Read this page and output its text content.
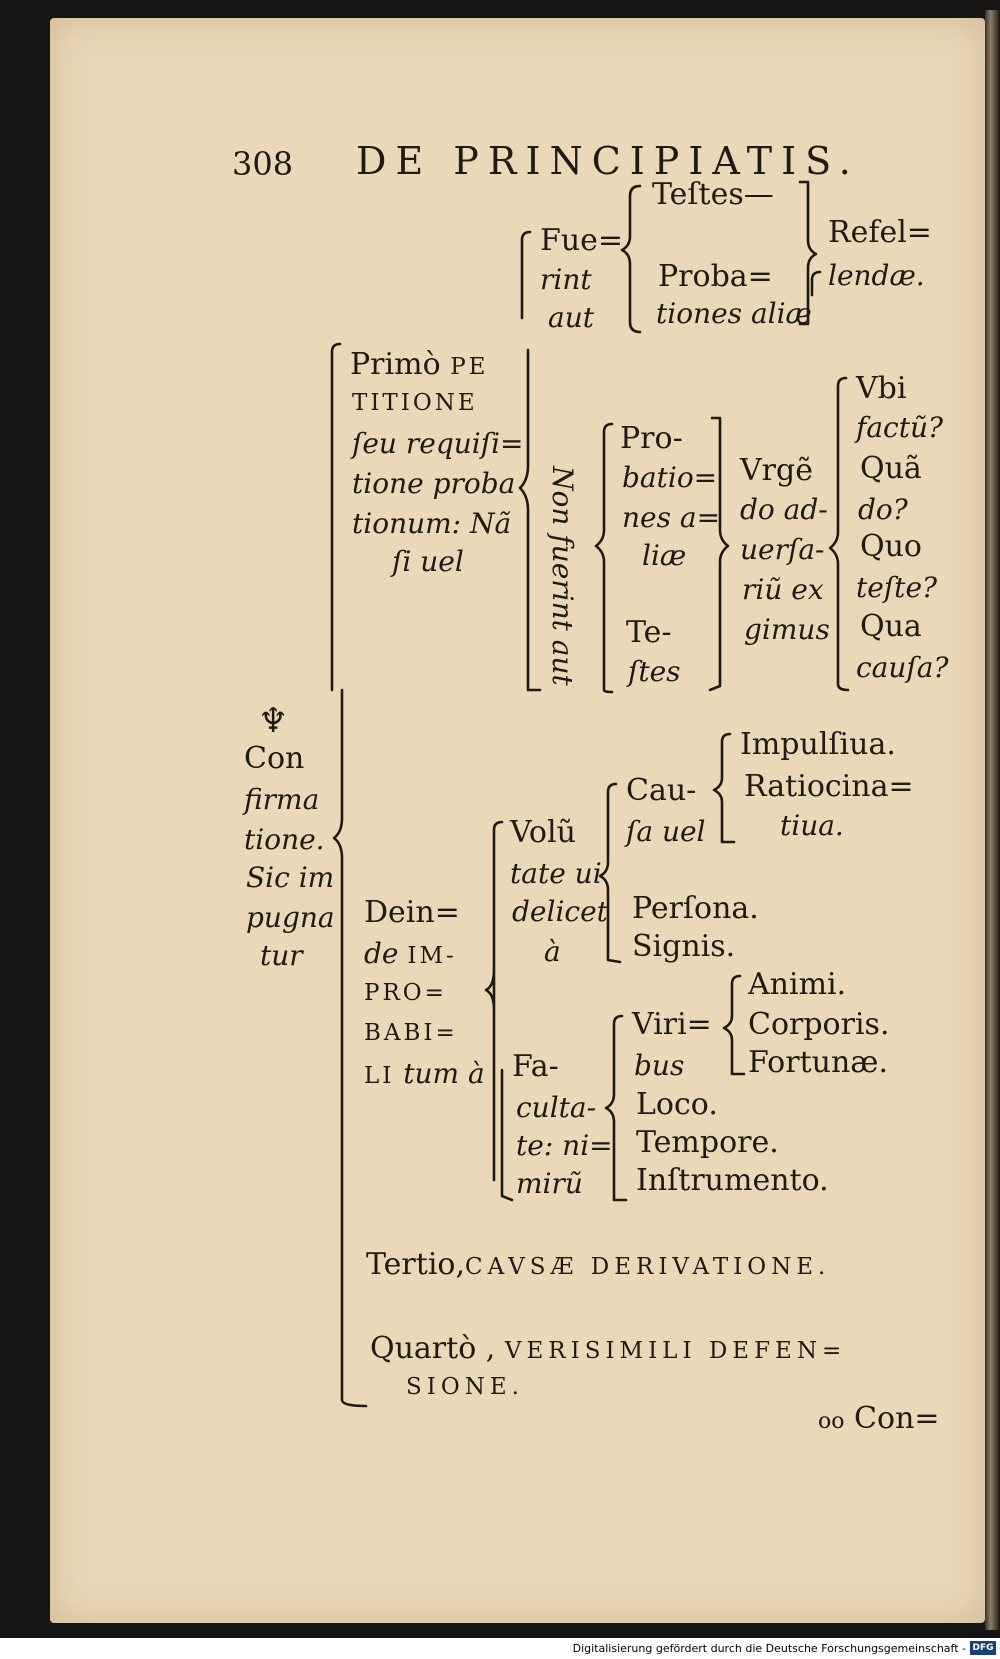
308 DE PRINCIPIATIS.
Teſtes—
Fue=
rint
aut
Proba=
tiones aliæ
Refel=
lendæ.
Primò PE
TITIONE
ſeu requiſi=
tione proba
tionum: Nã
ſi uel	Non fuerint aut
Pro-
batio=
nes a=
liæ
Te-
ſtes
Vrgẽ
do ad-
uerſa-
riũ ex
gimus
Vbi
factũ?
Quã
do?
Quo
teſte?
Qua
cauſa?
♆
Con
firma
tione.
Sic im
pugna
tur
Dein=
de IM-
PRO=
BABI=
LI tum à
Volũ
tate ui
delicet
à
Cau-
ſa uel
Impulſiua.
Ratiocina=
tiua.
Perſona.
Signis.
Animi.
Corporis.
Fortunæ.
Viri=
bus
Fa-
culta-
te: ni=
mirũ
Loco.
Tempore.
Inſtrumento.
Tertio,CAVSÆ DERIVATIONE.
Quartò , VERISIMILI DEFEN=
SIONE.
oo Con=
Digitalisierung gefördert durch die Deutsche Forschungsgemeinschaft - DFG
